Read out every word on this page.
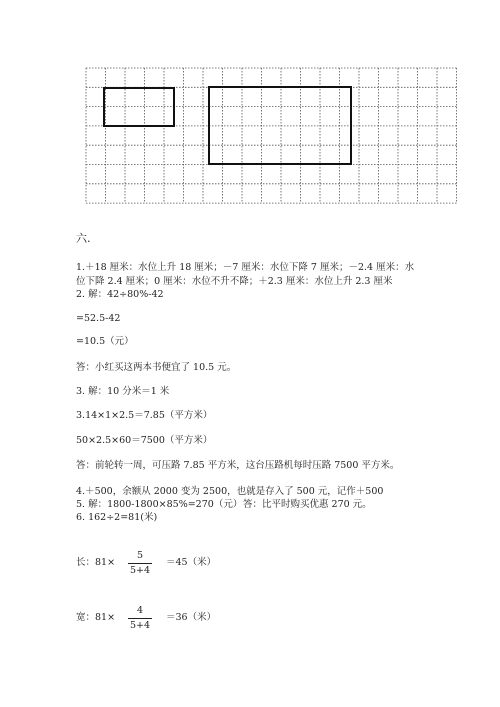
六.
1.＋18 厘米：水位上升 18 厘米；－7 厘米：水位下降 7 厘米；－2.4 厘米：水
位下降 2.4 厘米；0 厘米：水位不升不降；＋2.3 厘米：水位上升 2.3 厘米
2. 解：42÷80%-42
=52.5-42
=10.5（元）
答：小红买这两本书便宜了 10.5 元。
3. 解：10 分米＝1 米
3.14×1×2.5＝7.85（平方米）
50×2.5×60＝7500（平方米）
答：前轮转一周，可压路 7.85 平方米，这台压路机每时压路 7500 平方米。
4.＋500，余额从 2000 变为 2500，也就是存入了 500 元，记作＋500
5. 解：1800-1800×85%=270（元） 答：比平时购买优惠 270 元。
6. 162÷2=81(米)
长：81×
5
5+4
＝45（米）
宽：81×
4
5+4
＝36（米）
